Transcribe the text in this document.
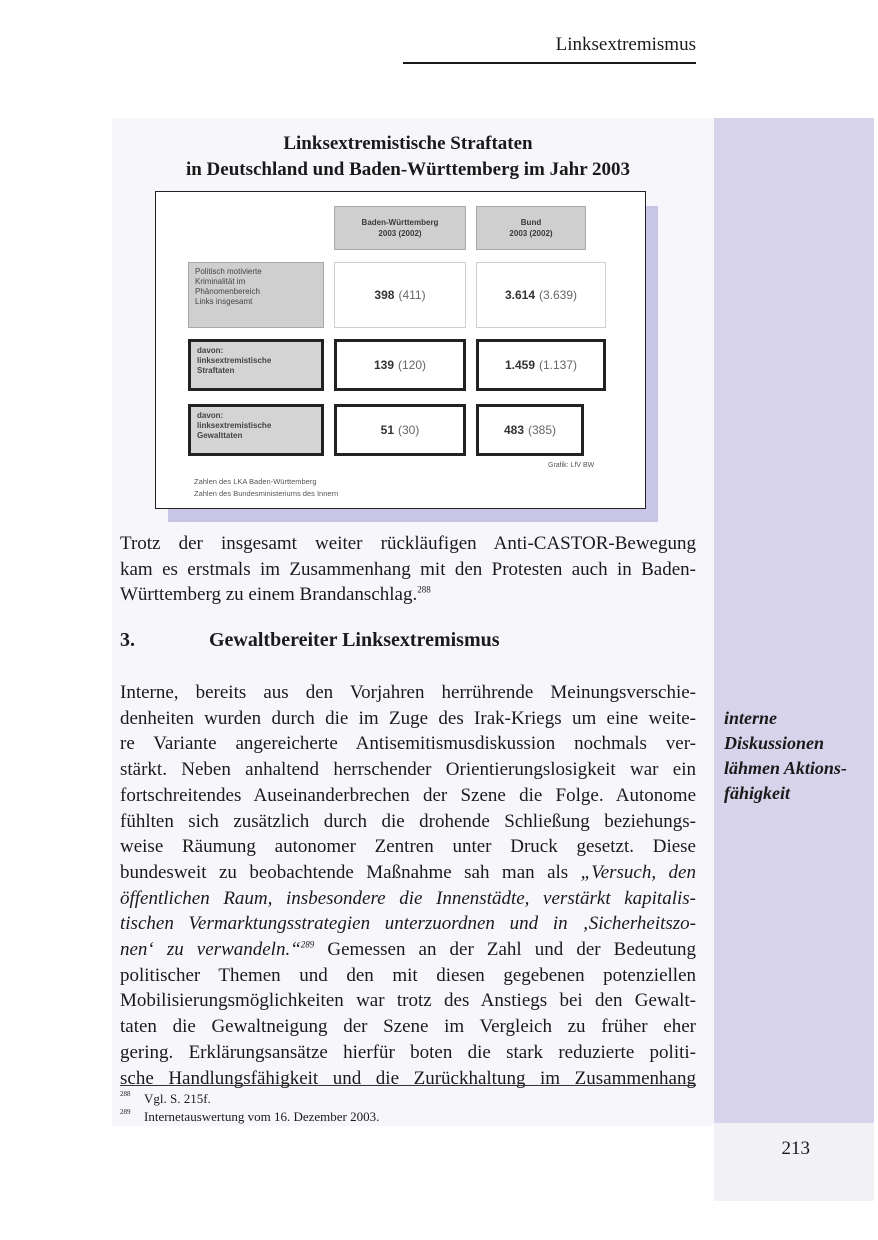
Linksextremismus
Linksextremistische Straftaten
in Deutschland und Baden-Württemberg im Jahr 2003
Baden-Württemberg
2003 (2002)
Bund
2003 (2002)
Politisch motivierte
Kriminalität im
Phänomenbereich
Links insgesamt	398 (411)	3.614 (3.639)
davon:
linksextremistische
Straftaten	139 (120)	1.459 (1.137)
davon:
linksextremistische
Gewalttaten	51 (30)	483 (385)
Grafik: LfV BW
Zahlen des LKA Baden-Württemberg
Zahlen des Bundesministeriums des Innern
Trotz der insgesamt weiter rückläufigen Anti-CASTOR-Bewegung
kam es erstmals im Zusammenhang mit den Protesten auch in Baden-
Württemberg zu einem Brandanschlag.$^{288}$
3.	Gewaltbereiter Linksextremismus
Interne, bereits aus den Vorjahren herrührende Meinungsverschie-
denheiten wurden durch die im Zuge des Irak-Kriegs um eine weite-
re Variante angereicherte Antisemitismusdiskussion nochmals ver-
stärkt. Neben anhaltend herrschender Orientierungslosigkeit war ein
fortschreitendes Auseinanderbrechen der Szene die Folge. Autonome
fühlten sich zusätzlich durch die drohende Schließung beziehungs-
weise Räumung autonomer Zentren unter Druck gesetzt. Diese
bundesweit zu beobachtende Maßnahme sah man als „Versuch, den
öffentlichen Raum, insbesondere die Innenstädte, verstärkt kapitalis-
tischen Vermarktungsstrategien unterzuordnen und in ‚Sicherheitszo-
nen‘ zu verwandeln.“$^{289}$ Gemessen an der Zahl und der Bedeutung
politischer Themen und den mit diesen gegebenen potenziellen
Mobilisierungsmöglichkeiten war trotz des Anstiegs bei den Gewalt-
taten die Gewaltneigung der Szene im Vergleich zu früher eher
gering. Erklärungsansätze hierfür boten die stark reduzierte politi-
sche Handlungsfähigkeit und die Zurückhaltung im Zusammenhang
interne
Diskussionen
lähmen Aktions-
fähigkeit
288 Vgl. S. 215f.
289 Internetauswertung vom 16. Dezember 2003.
213
